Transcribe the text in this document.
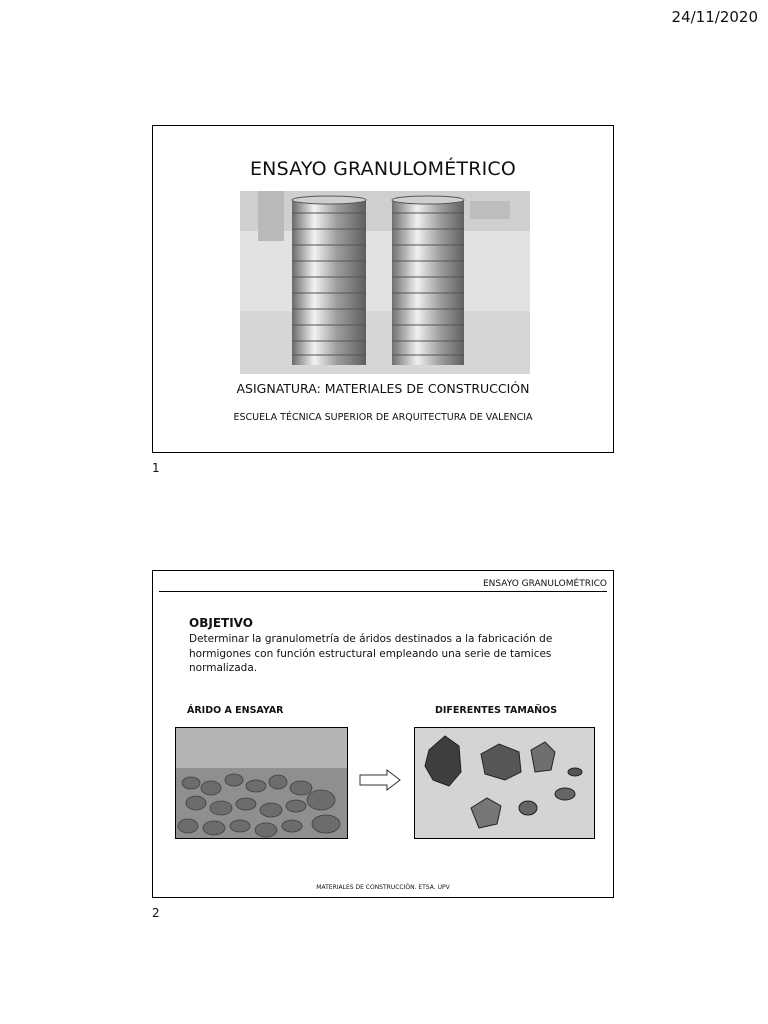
24/11/2020
ENSAYO GRANULOMÉTRICO
ASIGNATURA: MATERIALES DE CONSTRUCCIÓN
ESCUELA TÉCNICA SUPERIOR DE ARQUITECTURA DE VALENCIA
1
ENSAYO GRANULOMÉTRICO
OBJETIVO
Determinar la granulometría de áridos destinados a la fabricación de hormigones con función estructural empleando una serie de tamices normalizada.
ÁRIDO A ENSAYAR	DIFERENTES TAMAÑOS
MATERIALES DE CONSTRUCCIÓN. ETSA. UPV
2
